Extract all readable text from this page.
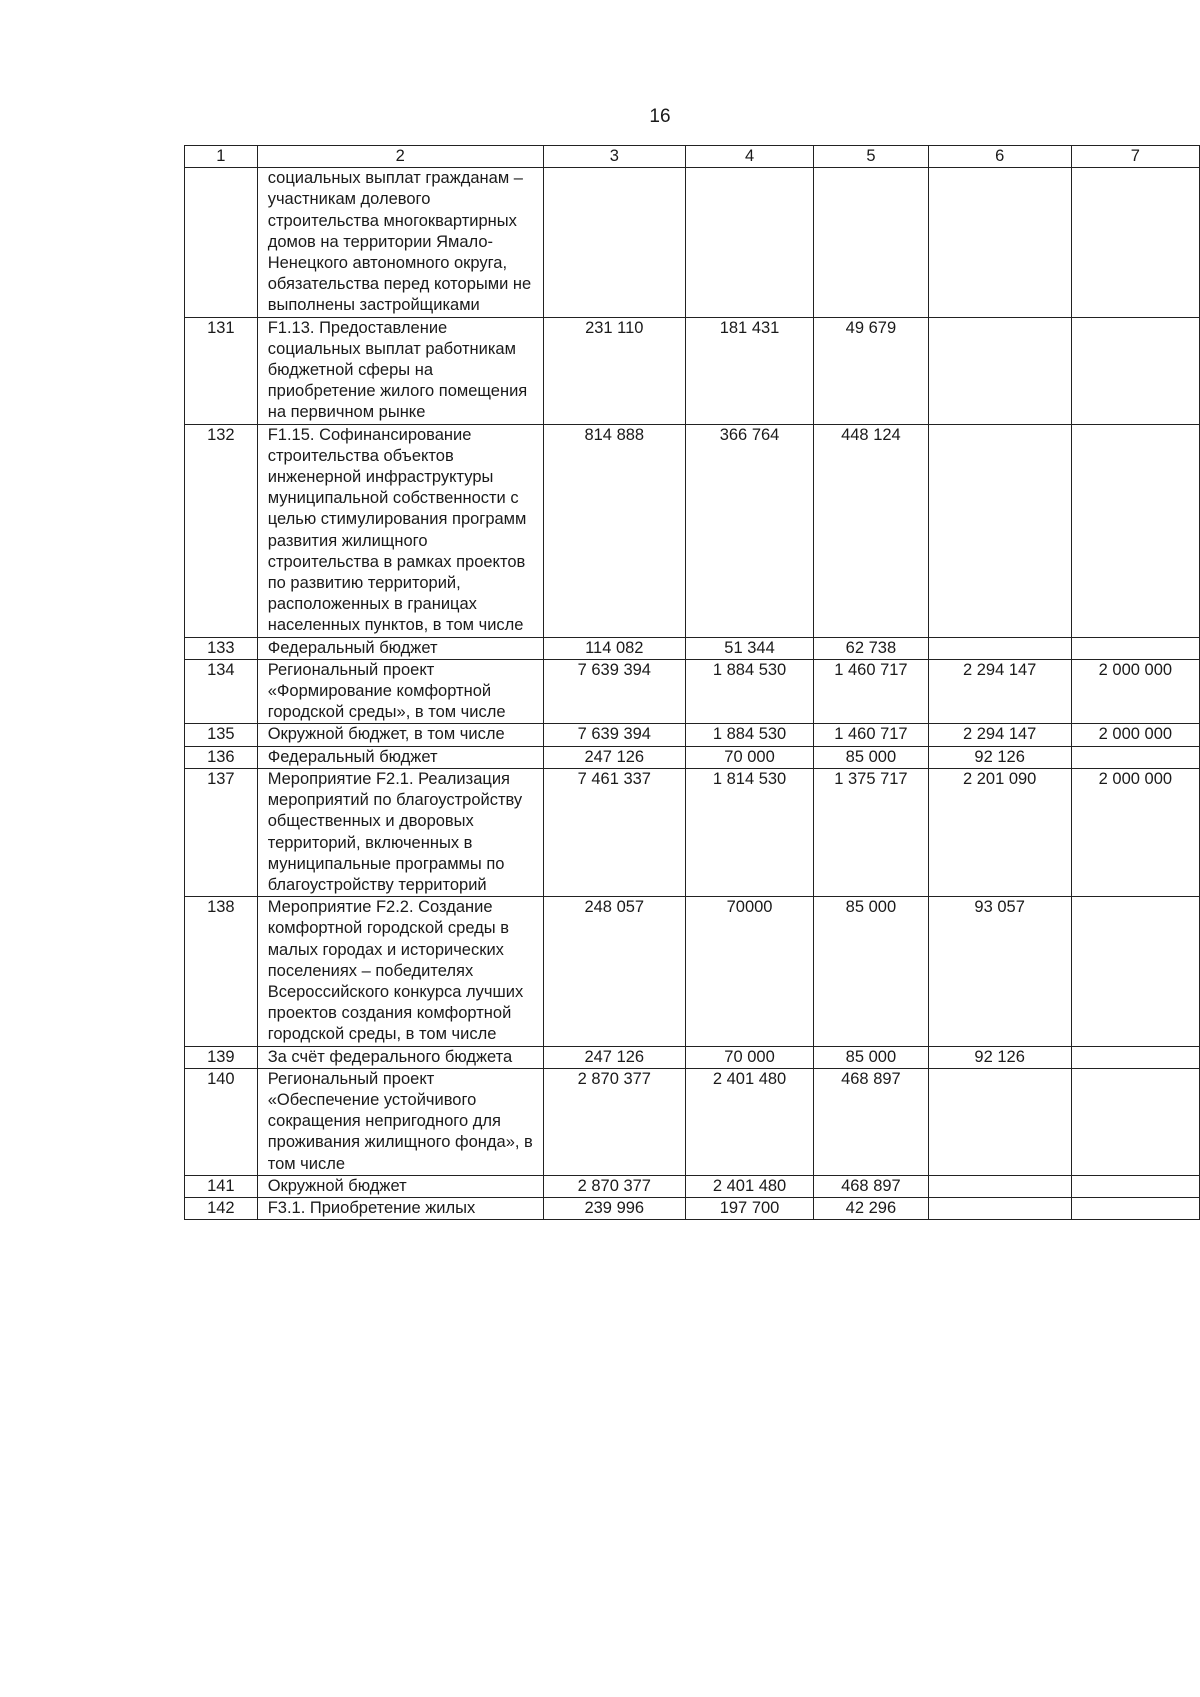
16
1	2	3	4	5	6	7
	социальных выплат гражданам – участникам долевого строительства многоквартирных домов на территории Ямало-Ненецкого автономного округа, обязательства перед которыми не выполнены застройщиками					
131	F1.13. Предоставление социальных выплат работникам бюджетной сферы на приобретение жилого помещения на первичном рынке	231 110	181 431	49 679		
132	F1.15. Софинансирование строительства объектов инженерной инфраструктуры муниципальной собственности с целью стимулирования программ развития жилищного строительства в рамках проектов по развитию территорий, расположенных в границах населенных пунктов, в том числе	814 888	366 764	448 124		
133	Федеральный бюджет	114 082	51 344	62 738		
134	Региональный проект «Формирование комфортной городской среды», в том числе	7 639 394	1 884 530	1 460 717	2 294 147	2 000 000
135	Окружной бюджет, в том числе	7 639 394	1 884 530	1 460 717	2 294 147	2 000 000
136	Федеральный бюджет	247 126	70 000	85 000	92 126	
137	Мероприятие F2.1. Реализация мероприятий по благоустройству общественных и дворовых территорий, включенных в муниципальные программы по благоустройству территорий	7 461 337	1 814 530	1 375 717	2 201 090	2 000 000
138	Мероприятие F2.2. Создание комфортной городской среды в малых городах и исторических поселениях – победителях Всероссийского конкурса лучших проектов создания комфортной городской среды, в том числе	248 057	70000	85 000	93 057	
139	За счёт федерального бюджета	247 126	70 000	85 000	92 126	
140	Региональный проект «Обеспечение устойчивого сокращения непригодного для проживания жилищного фонда», в том числе	2 870 377	2 401 480	468 897		
141	Окружной бюджет	2 870 377	2 401 480	468 897		
142	F3.1. Приобретение жилых	239 996	197 700	42 296		
